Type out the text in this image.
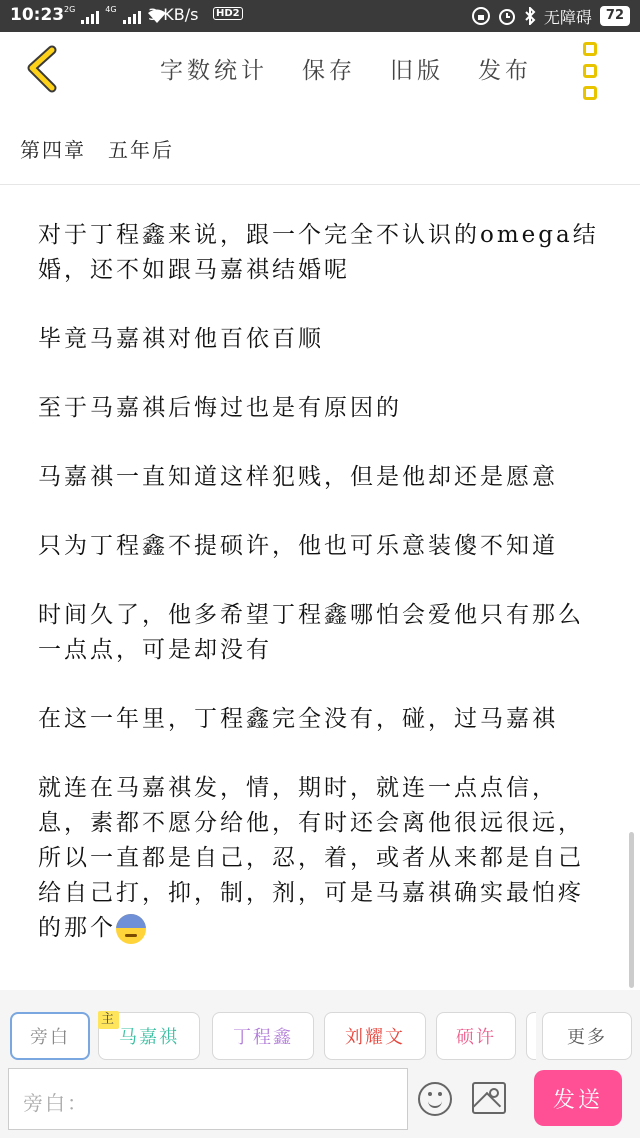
10:23 2G	4G 3 KB/s	HD2	无障碍	72
字数统计 保存 旧版 发布
第四章　五年后

对于丁程鑫来说，跟一个完全不认识的omega结婚，还不如跟马嘉祺结婚呢

毕竟马嘉祺对他百依百顺

至于马嘉祺后悔过也是有原因的

马嘉祺一直知道这样犯贱，但是他却还是愿意

只为丁程鑫不提硕许，他也可乐意装傻不知道

时间久了，他多希望丁程鑫哪怕会爱他只有那么一点点，可是却没有

在这一年里，丁程鑫完全没有，碰，过马嘉祺

就连在马嘉祺发，情，期时，就连一点点信，息，素都不愿分给他，有时还会离他很远很远，所以一直都是自己，忍，着，或者从来都是自己给自己打，抑，制，剂，可是马嘉祺确实最怕疼的那个

旁白
主
马嘉祺	丁程鑫	刘耀文	硕许	更多
旁白：	发送
